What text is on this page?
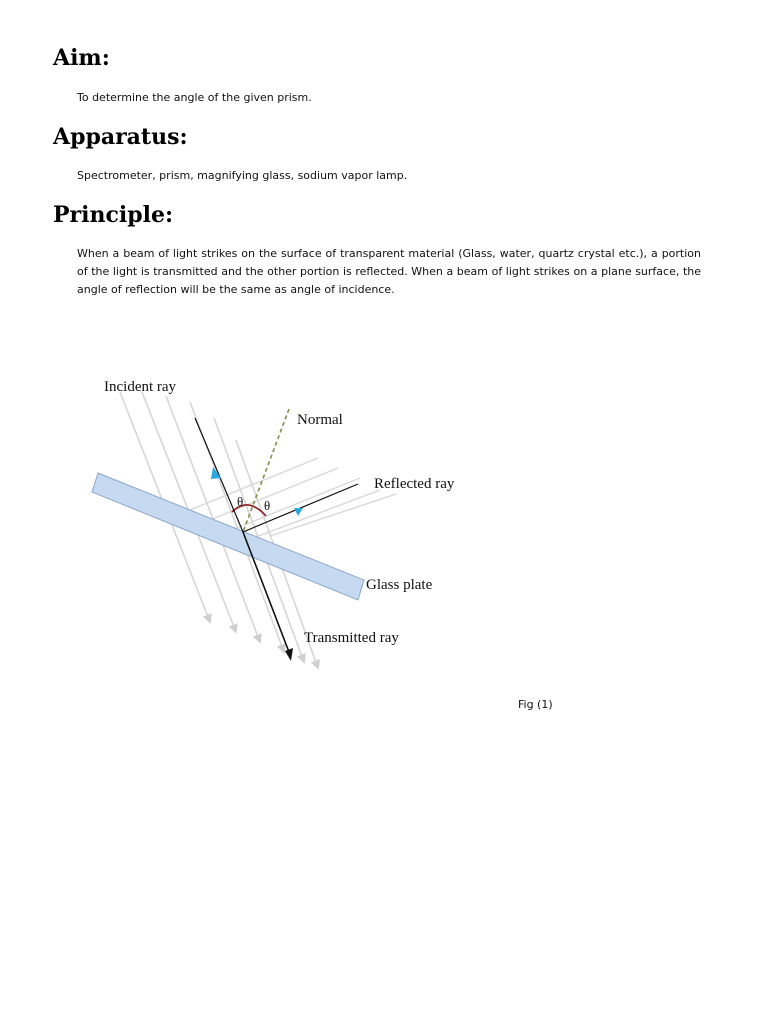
Aim:

To determine the angle of the given prism.

Apparatus:

Spectrometer, prism, magnifying glass, sodium vapor lamp.

Principle:

When a beam of light strikes on the surface of transparent material (Glass, water, quartz crystal etc.), a portion of the light is transmitted and the other portion is reflected. When a beam of light strikes on a plane surface, the angle of reflection will be the same as angle of incidence.

Incident ray
Normal
Reflected ray
Glass plate
Transmitted ray
θ θ
Fig (1)
